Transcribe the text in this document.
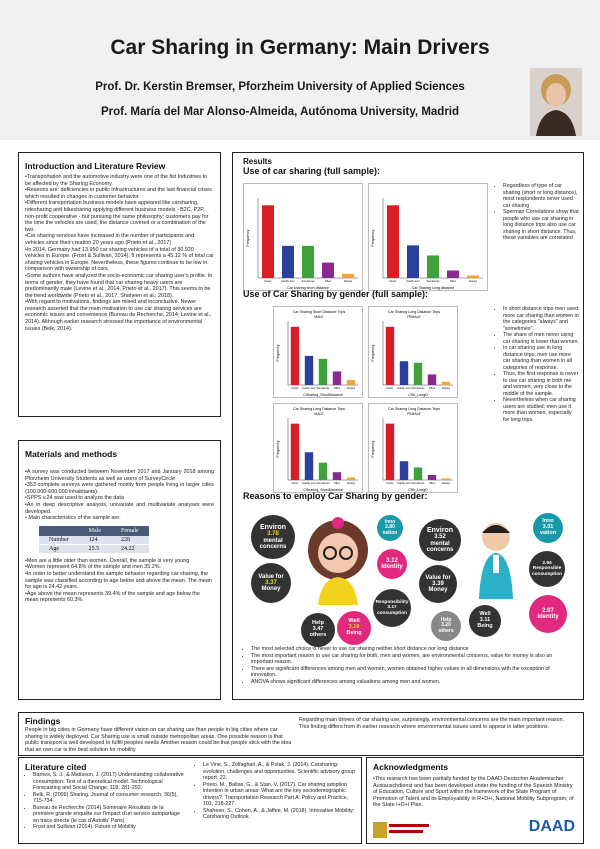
Car Sharing in Germany: Main Drivers
Prof. Dr. Kerstin Bremser, Pforzheim University of Applied Sciences
Prof. María del Mar Alonso-Almeida, Autónoma University, Madrid
Introduction and Literature Review

•Transportation and the automotive industry were one of the fist Industries to be affected by the Sharing Economy.

•Reasons are: deficiencies in public infrastructures and the last financial crises which resulted in changes in customer behavior.

•Different transportation business models have appeared like carsharing, ridesharing and bikesharing applying different business models - B2C, P2P, non-profit cooperative - but pursuing the same philosophy: customers pay for the time the vehicles are used, the distance covered or a combination of the two.

•Car sharing services have increased in the number of participants and vehicles since their creation 20 years ago (Prieto et al., 2017)

•In 2014, Germany had 13.950 car sharing vehicles of a total of 30.920 vehicles in Europe. (Frost & Sullivan, 2014). It represents a 45.12 % of total car sharing vehicles in Europe. Nevertheless, these figures continue to be low in comparison with ownership of cars.

•Some authors have analyzed the socio-economic car sharing user's profile. In terms of gender, they have found that car sharing heavy users are predominantly male (Levine et al., 2014, Prieto et al., 2017). This seems to be the trend worldwide (Prieto et al., 2017, Shaheen et al., 2018).

•With regard to motivations, findings are mixed and inconclusive. Newer research asserted that the main motivation to use car sharing services are economic issues and convenience (Bureau de Recherche, 2014; Levine et al., 2014). Although earlier research stressed the importance of environmental issues (Belk, 2014).

Materials and methods

•A survey was conducted between November 2017 and January 2018 among Pforzheim University Students as well as users of SurveyCircle

•353 complete surveys were gathered mostly from people living in larger cities (100.000-600.000 inhabitants).

•SPPS v.24 was used to analyze the data

•An in deep descriptive analysis, univariate and multivariate analyses were developed.

• Main characteristics of the sample are:

	Male	Female
Number	124	228
Age	25.5	24.22

•Men are a little older than women. Overall, the sample is very young

•Women represent 64.8% of the sample and men 35.2%.

•In order to better understand the sample behavior regarding car sharing, the sample was classified according to age below and above the mean. The mean for age is 24.42 years.

•Age above the mean represents 39.4% of the sample and age below the mean represents 60.3%.

Results
Use of car sharing (full sample):
Frequency
Never	Hardly ever	Sometimes	Often	Always
Car sharing short distance
Frequency
Never	Hardly ever	Sometimes	Often	Always
Car Sharing Long distance
• Regardless of type of car sharing (short or long distance), most respondents never used car sharing
• Sperman Correlations show that people who use car sharing in long distance trips also use car sharing in short distance. Thus, these variables are correlated
Use of Car Sharing by gender (full sample):
Car Sharing Short Distance Trips
MALE
Frequency
Never Hardly ever Sometimes Often	Always
CSharing_ShortDistance
Car Sharing Long Distance Trips
FEMALE
Frequency
Never Hardly ever Sometimes Often	Always
CSh_LongD
Car Sharing Long Distance Trips
MALE
Frequency
Never Hardly ever Sometimes Often	Always
CSharing_ShortDistance
Car Sharing Long Distance Trips
FEMALE
Frequency
Never Hardly ever Sometimes Often	Always
CSh_LongD
• In short distance trips men used more car sharing than women in the categories "always" and "sometimes".
• The share of men never using car sharing is lower that women.
• In car sharing use in long distance trips, men use more car sharing than women in all categories of response.
• Thus, the first response is never to use car sharing in both me and women, very close to the middle of the sample.
• Nevertheless when car sharing users are studied; men use it more than women, especially for long trips.
Reasons to employ Car Sharing by gender:
Environ
3.78
mental concerns
Value for
3.37
Money
Help
3.47
others
Well
3.19
Being
Inno
2.80
vation
3.12
Identity
Responsibility
3.17
consumption
Environ
3.52
mental concerns
Value for
3.39
Money
Help
3.20
others
Well
3.11
Being
Inno
3.01
vation
2.94
Responsible
consumption
2.97
Identity
• The most selected choice is never to use car sharing neither short distance nor long distance
• The most important reason to use car sharing for both, men and women, are environmental concerns, value for money is also an important reason.
• There are significant differences among men and women, women obtained higher values in all dimensions with the exception of innovation.
• ANOVA shows significant differences among valuations among men and women.
Findings
People in big cities in Germany have different vision on car sharing use than people in big cities where car sharing is widely deployed. Car Sharing use is small outside metropolitan areas. One possible reason is that public transport is well developed to fulfill peoples needs Another reason could be that people stick with the idea that an own car is the best solution for mobility.
Regarding main drivers of car sharing use, surprisingly, environmental concerns are the main important reason. This finding differs from th earlier research where environmental issues used to appear in latter positions.
Literature cited
• Barnes, S. J., & Mattsson, J. (2017) Understanding collaborative consumption: Test of a theoretical model. Technological Forecasting and Social Change, 118, 281-292.
• Belk, R. (2009) Sharing. Journal of consumer research, 36(5), 715-734.
• Bureau de Recherche (2014) Sommaire Résultats de la première grande enquête sur l'impact d'un service autopartage en trace directe (le cas d'Autolib' Paris)
• Frost and Sullivan (2014). Future of Mobility
• Le Vine, S., Zolfaghari, A., & Polak, J. (2014). Carsharing: evolution, challenges and opportunities. Scientific advisory group report, 22.
• Prieto, M., Baltas, G., & Stan, V. (2017). Car sharing adoption intention in urban areas: What are the key sociodemographic drivers?. Transportation Research Part A: Policy and Practice, 101, 218-227.
• Shaheen, S., Cohen, A., & Jaffee, M. (2018). Innovative Mobility: Carsharing Outlook.
Acknowledgments
•This research has been partially funded by the DAAD-Deutscher Akademischer Austauschdienst and has been developed under the funding of the Spanish Ministry of Education, Culture and Sport within the framework of the State Program of Promotion of Talent and its Employability in R+D+i, National Mobility Subprogram, of the State I+D+I Plan.
DAAD
